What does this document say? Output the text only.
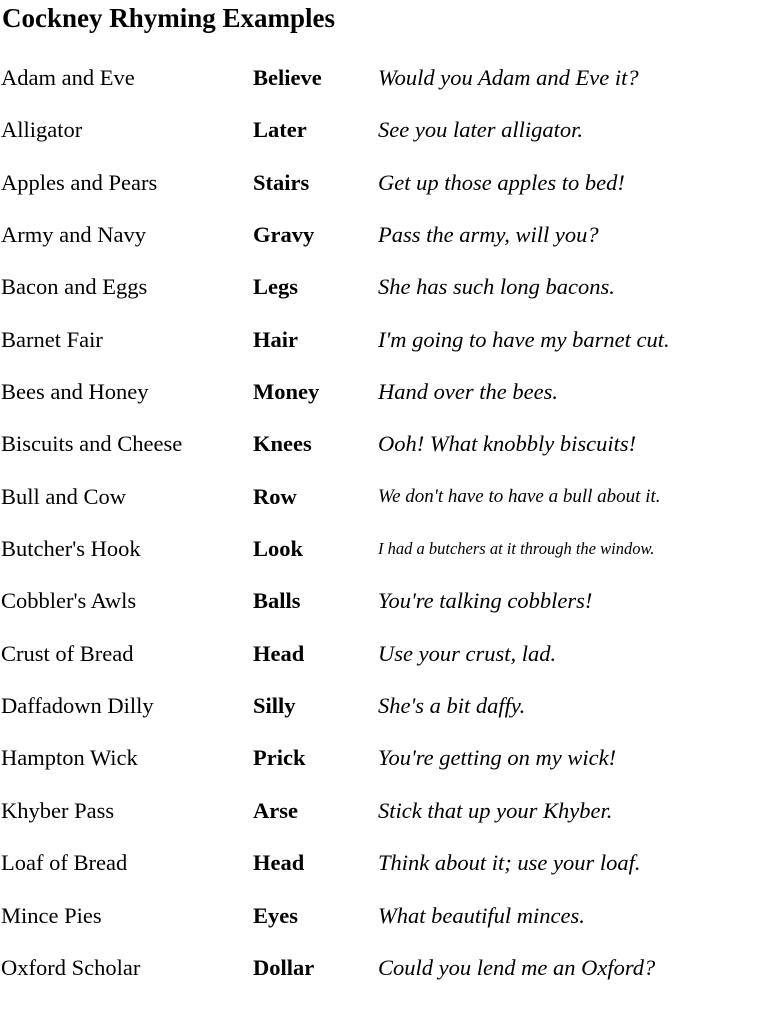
Cockney Rhyming Examples
Adam and Eve	Believe	Would you Adam and Eve it?
Alligator	Later	See you later alligator.
Apples and Pears	Stairs	Get up those apples to bed!
Army and Navy	Gravy	Pass the army, will you?
Bacon and Eggs	Legs	She has such long bacons.
Barnet Fair	Hair	I'm going to have my barnet cut.
Bees and Honey	Money	Hand over the bees.
Biscuits and Cheese	Knees	Ooh! What knobbly biscuits!
Bull and Cow	Row	We don't have to have a bull about it.
Butcher's Hook	Look	I had a butchers at it through the window.
Cobbler's Awls	Balls	You're talking cobblers!
Crust of Bread	Head	Use your crust, lad.
Daffadown Dilly	Silly	She's a bit daffy.
Hampton Wick	Prick	You're getting on my wick!
Khyber Pass	Arse	Stick that up your Khyber.
Loaf of Bread	Head	Think about it; use your loaf.
Mince Pies	Eyes	What beautiful minces.
Oxford Scholar	Dollar	Could you lend me an Oxford?
